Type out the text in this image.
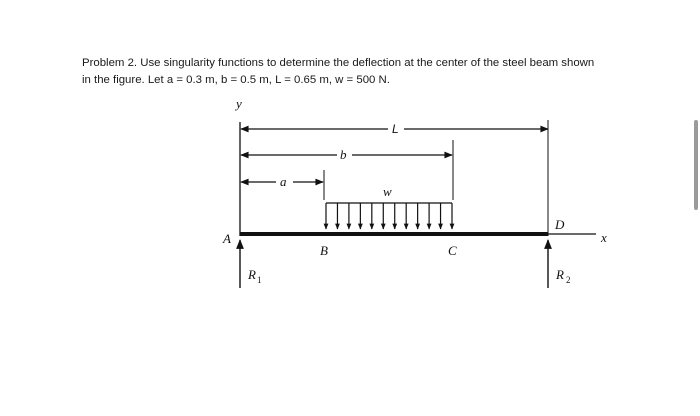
Problem 2. Use singularity functions to determine the deflection at the center of the steel beam shown

in the figure. Let a = 0.3 m, b = 0.5 m, L = 0.65 m, w = 500 N.

y
L
b
a
w
x
A
B	C
D
R 1	R 2
